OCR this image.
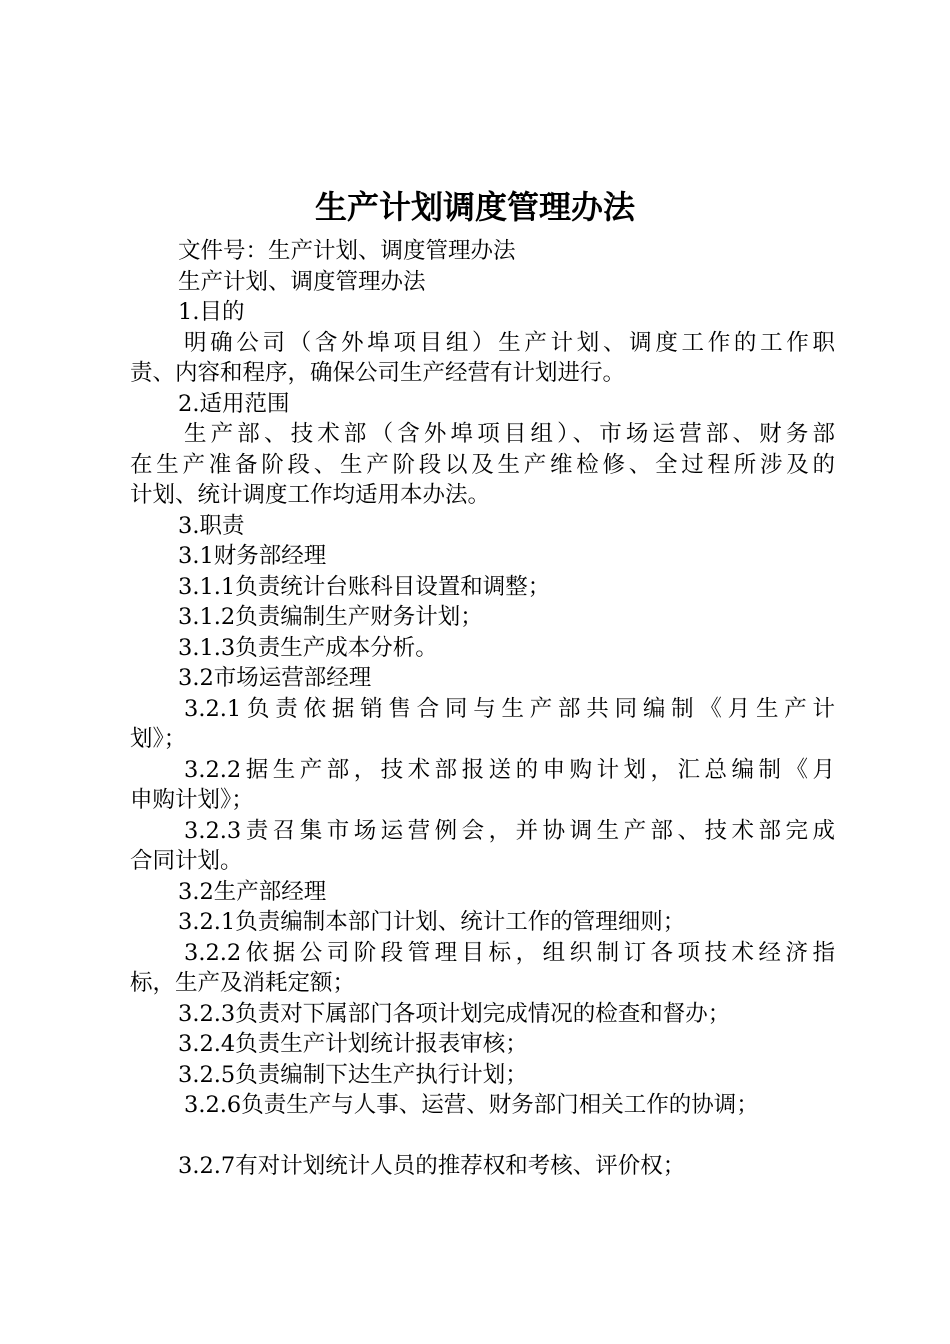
生产计划调度管理办法

文件号：生产计划、调度管理办法

生产计划、调度管理办法

1.目的

明确公司（含外埠项目组）生产计划、调度工作的工作职

责、内容和程序，确保公司生产经营有计划进行。

2.适用范围

生产部、技术部（含外埠项目组）、市场运营部、财务部

在生产准备阶段、生产阶段以及生产维检修、全过程所涉及的

计划、统计调度工作均适用本办法。

3.职责

3.1财务部经理

3.1.1负责统计台账科目设置和调整；

3.1.2负责编制生产财务计划；

3.1.3负责生产成本分析。

3.2市场运营部经理

3.2.1负责依据销售合同与生产部共同编制《月生产计

划》；

3.2.2据生产部，技术部报送的申购计划，汇总编制《月

申购计划》；

3.2.3责召集市场运营例会，并协调生产部、技术部完成

合同计划。

3.2生产部经理

3.2.1负责编制本部门计划、统计工作的管理细则；

3.2.2依据公司阶段管理目标，组织制订各项技术经济指

标，生产及消耗定额；

3.2.3负责对下属部门各项计划完成情况的检查和督办；

3.2.4负责生产计划统计报表审核；

3.2.5负责编制下达生产执行计划；

3.2.6负责生产与人事、运营、财务部门相关工作的协调；

3.2.7有对计划统计人员的推荐权和考核、评价权；
